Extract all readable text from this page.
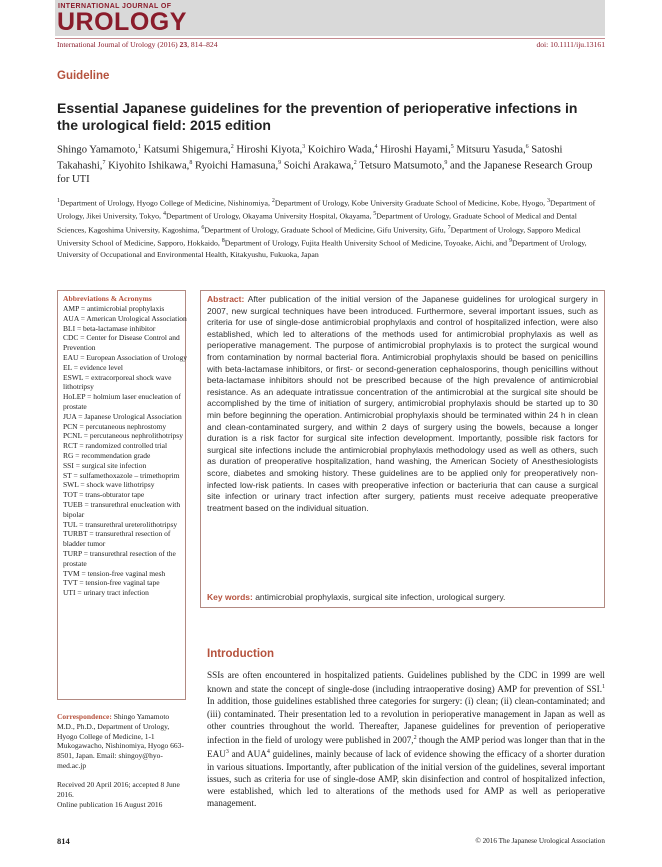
INTERNATIONAL JOURNAL OF
UROLOGY
International Journal of Urology (2016) 23, 814–824	doi: 10.1111/iju.13161
Guideline
Essential Japanese guidelines for the prevention of perioperative infections in the urological field: 2015 edition
Shingo Yamamoto,$^1$ Katsumi Shigemura,$^2$ Hiroshi Kiyota,$^3$ Koichiro Wada,$^4$ Hiroshi Hayami,$^5$ Mitsuru Yasuda,$^6$ Satoshi Takahashi,$^7$ Kiyohito Ishikawa,$^8$ Ryoichi Hamasuna,$^9$ Soichi Arakawa,$^2$ Tetsuro Matsumoto,$^9$ and the Japanese Research Group for UTI
$^1$Department of Urology, Hyogo College of Medicine, Nishinomiya, $^2$Department of Urology, Kobe University Graduate School of Medicine, Kobe, Hyogo, $^3$Department of Urology, Jikei University, Tokyo, $^4$Department of Urology, Okayama University Hospital, Okayama, $^5$Department of Urology, Graduate School of Medical and Dental Sciences, Kagoshima University, Kagoshima, $^6$Department of Urology, Graduate School of Medicine, Gifu University, Gifu, $^7$Department of Urology, Sapporo Medical University School of Medicine, Sapporo, Hokkaido, $^8$Department of Urology, Fujita Health University School of Medicine, Toyoake, Aichi, and $^9$Department of Urology, University of Occupational and Environmental Health, Kitakyushu, Fukuoka, Japan
Abbreviations & Acronyms
AMP = antimicrobial prophylaxis
AUA = American Urological Association
BLI = beta-lactamase inhibitor
CDC = Center for Disease Control and Prevention
EAU = European Association of Urology
EL = evidence level
ESWL = extracorporeal shock wave lithotripsy
HoLEP = holmium laser enucleation of prostate
JUA = Japanese Urological Association
PCN = percutaneous nephrostomy
PCNL = percutaneous nephrolithotripsy
RCT = randomized controlled trial
RG = recommendation grade
SSI = surgical site infection
ST = sulfamethoxazole – trimethoprim
SWL = shock wave lithotripsy
TOT = trans-obturator tape
TUEB = transurethral enucleation with bipolar
TUL = transurethral ureterolithotripsy
TURBT = transurethral resection of bladder tumor
TURP = transurethral resection of the prostate
TVM = tension-free vaginal mesh
TVT = tension-free vaginal tape
UTI = urinary tract infection
Correspondence: Shingo Yamamoto M.D., Ph.D., Department of Urology, Hyogo College of Medicine, 1-1 Mukogawacho, Nishinomiya, Hyogo 663-8501, Japan. Email: shingoy@hyo-med.ac.jp
Received 20 April 2016; accepted 8 June 2016.
Online publication 16 August 2016
Abstract: After publication of the initial version of the Japanese guidelines for urological surgery in 2007, new surgical techniques have been introduced. Furthermore, several important issues, such as criteria for use of single-dose antimicrobial prophylaxis and control of hospitalized infection, were also established, which led to alterations of the methods used for antimicrobial prophylaxis as well as perioperative management. The purpose of antimicrobial prophylaxis is to protect the surgical wound from contamination by normal bacterial flora. Antimicrobial prophylaxis should be based on penicillins with beta-lactamase inhibitors, or first- or second-generation cephalosporins, though penicillins without beta-lactamase inhibitors should not be prescribed because of the high prevalence of antimicrobial resistance. As an adequate intratissue concentration of the antimicrobial at the surgical site should be accomplished by the time of initiation of surgery, antimicrobial prophylaxis should be started up to 30 min before beginning the operation. Antimicrobial prophylaxis should be terminated within 24 h in clean and clean-contaminated surgery, and within 2 days of surgery using the bowels, because a longer duration is a risk factor for surgical site infection development. Importantly, possible risk factors for surgical site infections include the antimicrobial prophylaxis methodology used as well as others, such as duration of preoperative hospitalization, hand washing, the American Society of Anesthesiologists score, diabetes and smoking history. These guidelines are to be applied only for preoperatively non-infected low-risk patients. In cases with preoperative infection or bacteriuria that can cause a surgical site infection or urinary tract infection after surgery, patients must receive adequate preoperative treatment based on the individual situation.
Key words: antimicrobial prophylaxis, surgical site infection, urological surgery.
Introduction
SSIs are often encountered in hospitalized patients. Guidelines published by the CDC in 1999 are well known and state the concept of single-dose (including intraoperative dosing) AMP for prevention of SSI.$^1$ In addition, those guidelines established three categories for surgery: (i) clean; (ii) clean-contaminated; and (iii) contaminated. Their presentation led to a revolution in perioperative management in Japan as well as other countries throughout the world. Thereafter, Japanese guidelines for prevention of perioperative infection in the field of urology were published in 2007,$^2$ though the AMP period was longer than that in the EAU$^3$ and AUA$^4$ guidelines, mainly because of lack of evidence showing the efficacy of a shorter duration in various situations. Importantly, after publication of the initial version of the guidelines, several important issues, such as criteria for use of single-dose AMP, skin disinfection and control of hospitalized infection, were established, which led to alterations of the methods used for AMP as well as perioperative management.
814	© 2016 The Japanese Urological Association
